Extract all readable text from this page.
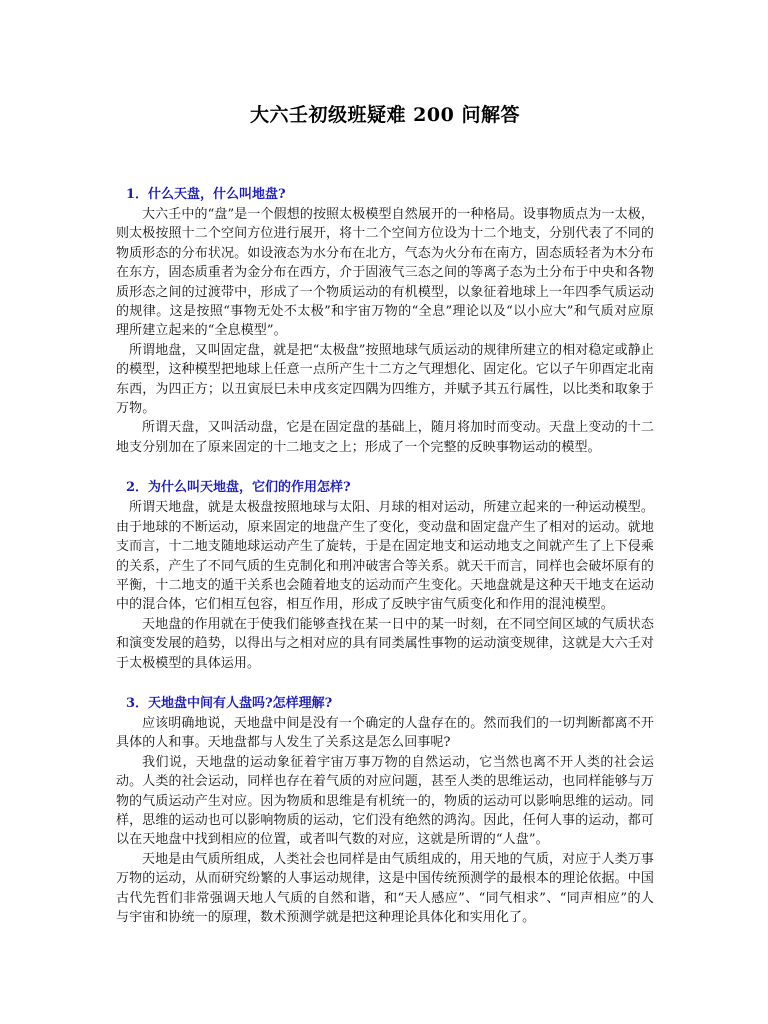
大六壬初级班疑难 200 问解答
1．什么天盘，什么叫地盘?

大六壬中的“盘”是一个假想的按照太极模型自然展开的一种格局。设事物质点为一太极，则太极按照十二个空间方位进行展开，将十二个空间方位设为十二个地支，分别代表了不同的物质形态的分布状况。如设液态为水分布在北方，气态为火分布在南方，固态质轻者为木分布在东方，固态质重者为金分布在西方，介于固液气三态之间的等离子态为土分布于中央和各物质形态之间的过渡带中，形成了一个物质运动的有机模型，以象征着地球上一年四季气质运动的规律。这是按照“事物无处不太极”和宇宙万物的“全息”理论以及“以小应大”和气质对应原理所建立起来的“全息模型”。

所谓地盘，又叫固定盘，就是把“太极盘”按照地球气质运动的规律所建立的相对稳定或静止的模型，这种模型把地球上任意一点所产生十二方之气理想化、固定化。它以子午卯酉定北南东西，为四正方；以丑寅辰巳未申戌亥定四隅为四维方，并赋予其五行属性，以比类和取象于万物。

所谓天盘，又叫活动盘，它是在固定盘的基础上，随月将加时而变动。天盘上变动的十二地支分别加在了原来固定的十二地支之上；形成了一个完整的反映事物运动的模型。

2．为什么叫天地盘，它们的作用怎样?

所谓天地盘，就是太极盘按照地球与太阳、月球的相对运动，所建立起来的一种运动模型。由于地球的不断运动，原来固定的地盘产生了变化，变动盘和固定盘产生了相对的运动。就地支而言，十二地支随地球运动产生了旋转，于是在固定地支和运动地支之间就产生了上下侵乘的关系，产生了不同气质的生克制化和刑冲破害合等关系。就天干而言，同样也会破坏原有的平衡，十二地支的遁干关系也会随着地支的运动而产生变化。天地盘就是这种天干地支在运动中的混合体，它们相互包容，相互作用，形成了反映宇宙气质变化和作用的混沌模型。

天地盘的作用就在于使我们能够查找在某一日中的某一时刻，在不同空间区域的气质状态和演变发展的趋势，以得出与之相对应的具有同类属性事物的运动演变规律，这就是大六壬对于太极模型的具体运用。

3．天地盘中间有人盘吗?怎样理解?

应该明确地说，天地盘中间是没有一个确定的人盘存在的。然而我们的一切判断都离不开具体的人和事。天地盘都与人发生了关系这是怎么回事呢?

我们说，天地盘的运动象征着宇宙万事万物的自然运动，它当然也离不开人类的社会运动。人类的社会运动，同样也存在着气质的对应问题，甚至人类的思维运动，也同样能够与万物的气质运动产生对应。因为物质和思维是有机统一的，物质的运动可以影响思维的运动。同样，思维的运动也可以影响物质的运动，它们没有绝然的鸿沟。因此，任何人事的运动，都可以在天地盘中找到相应的位置，或者叫气数的对应，这就是所谓的“人盘”。

天地是由气质所组成，人类社会也同样是由气质组成的，用天地的气质，对应于人类万事万物的运动，从而研究纷繁的人事运动规律，这是中国传统预测学的最根本的理论依据。中国古代先哲们非常强调天地人气质的自然和谐，和“天人感应”、“同气相求”、“同声相应”的人与宇宙和协统一的原理，数术预测学就是把这种理论具体化和实用化了。
